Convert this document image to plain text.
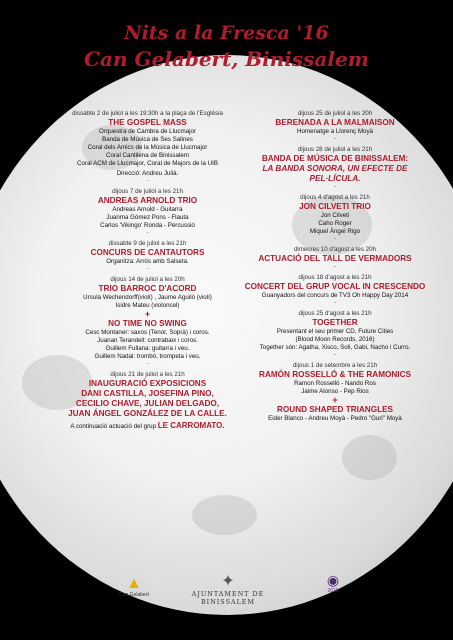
Nits a la Fresca '16
Can Gelabert, Binissalem
dissabte 2 de juliol a les 19:30h a la plaça de l'Església
THE GOSPEL MASS
Orquestra de Cambra de Llucmajor
Banda de Música de Ses Salines
Coral dels Amics de la Música de Llucmajor
Coral Cantilena de Binissalem
Coral ACM de Llucmajor, Coral de Majors de la UIB
Direcció: Andreu Julià.
-
dijous 7 de juliol a les 21h
ANDREAS ARNOLD TRIO
Andreas Arnold - Guitarra
Juanma Gómez Pons - Flauta
Carlos 'Vikingo' Ronda - Percussió
-
dissabte 9 de juliol a les 21h
CONCURS DE CANTAUTORS
Organitza: Arròs amb Salseta.
-
dijous 14 de juliol a les 20h
TRIO BARROC D'ACORD
Ursula Wechendorff(violí) , Jaume Aguiló (violí)
Isidre Mateu (violoncel)
+
NO TIME NO SWING
Cesc Montaner: saxos (Tenor, Soprà) i coros.
Juanan Terandell: contrabaix i coros.
Guillem Fullana: guitarra i veu.
Guillem Nadal: trombó, trompeta i veu.
-
dijous 21 de juliol a les 21h
INAUGURACIÓ EXPOSICIONS
DANI CASTILLA, JOSEFINA PINO,
CECILIO CHAVE, JULIAN DELGADO,
JUAN ÁNGEL GONZÁLEZ DE LA CALLE.
A continuació actuació del grup LE CARROMATO.
dijous 25 de juliol a les 20h
BERENADA A LA MALMAISON
Homenatge a Llorenç Moyà
-
dijous 28 de juliol a les 21h
BANDA DE MÚSICA DE BINISSALEM:
LA BANDA SONORA, UN EFECTE DE PEL·LÍCULA.
-
dijous 4 d'agost a les 21h
JON CILVETI TRIO
Jon Cilveti
Caho Roger
Miquel Àngel Rigo
-
dimecres 10 d'agost a les 20h
ACTUACIÓ DEL TALL DE VERMADORS
-
dijous 18 d'agost a les 21h
CONCERT DEL GRUP VOCAL IN CRESCENDO
Guanyadors del concurs de TV3 Oh Happy Day 2014
-
dijous 25 d'agost a les 21h
TOGETHER
Presentant el seu primer CD, Future Cities
(Blood Moon Records, 2016)
Together són: Agatha, Xisco, Soli, Gabi, Nacho i Curro.
-
dijous 1 de setembre a les 21h
RAMÓN ROSSELLÓ & THE RAMONICS
Ramon Rosselló - Nando Ros
Jaime Alonso - Pep Rios
+
ROUND SHAPED TRIANGLES
Eider Blanco - Andreu Moyà - Pedro "Guri" Moyà
▲
Can Gelabert
✦
AJUNTAMENT DE
BINISSALEM
◉
2016
